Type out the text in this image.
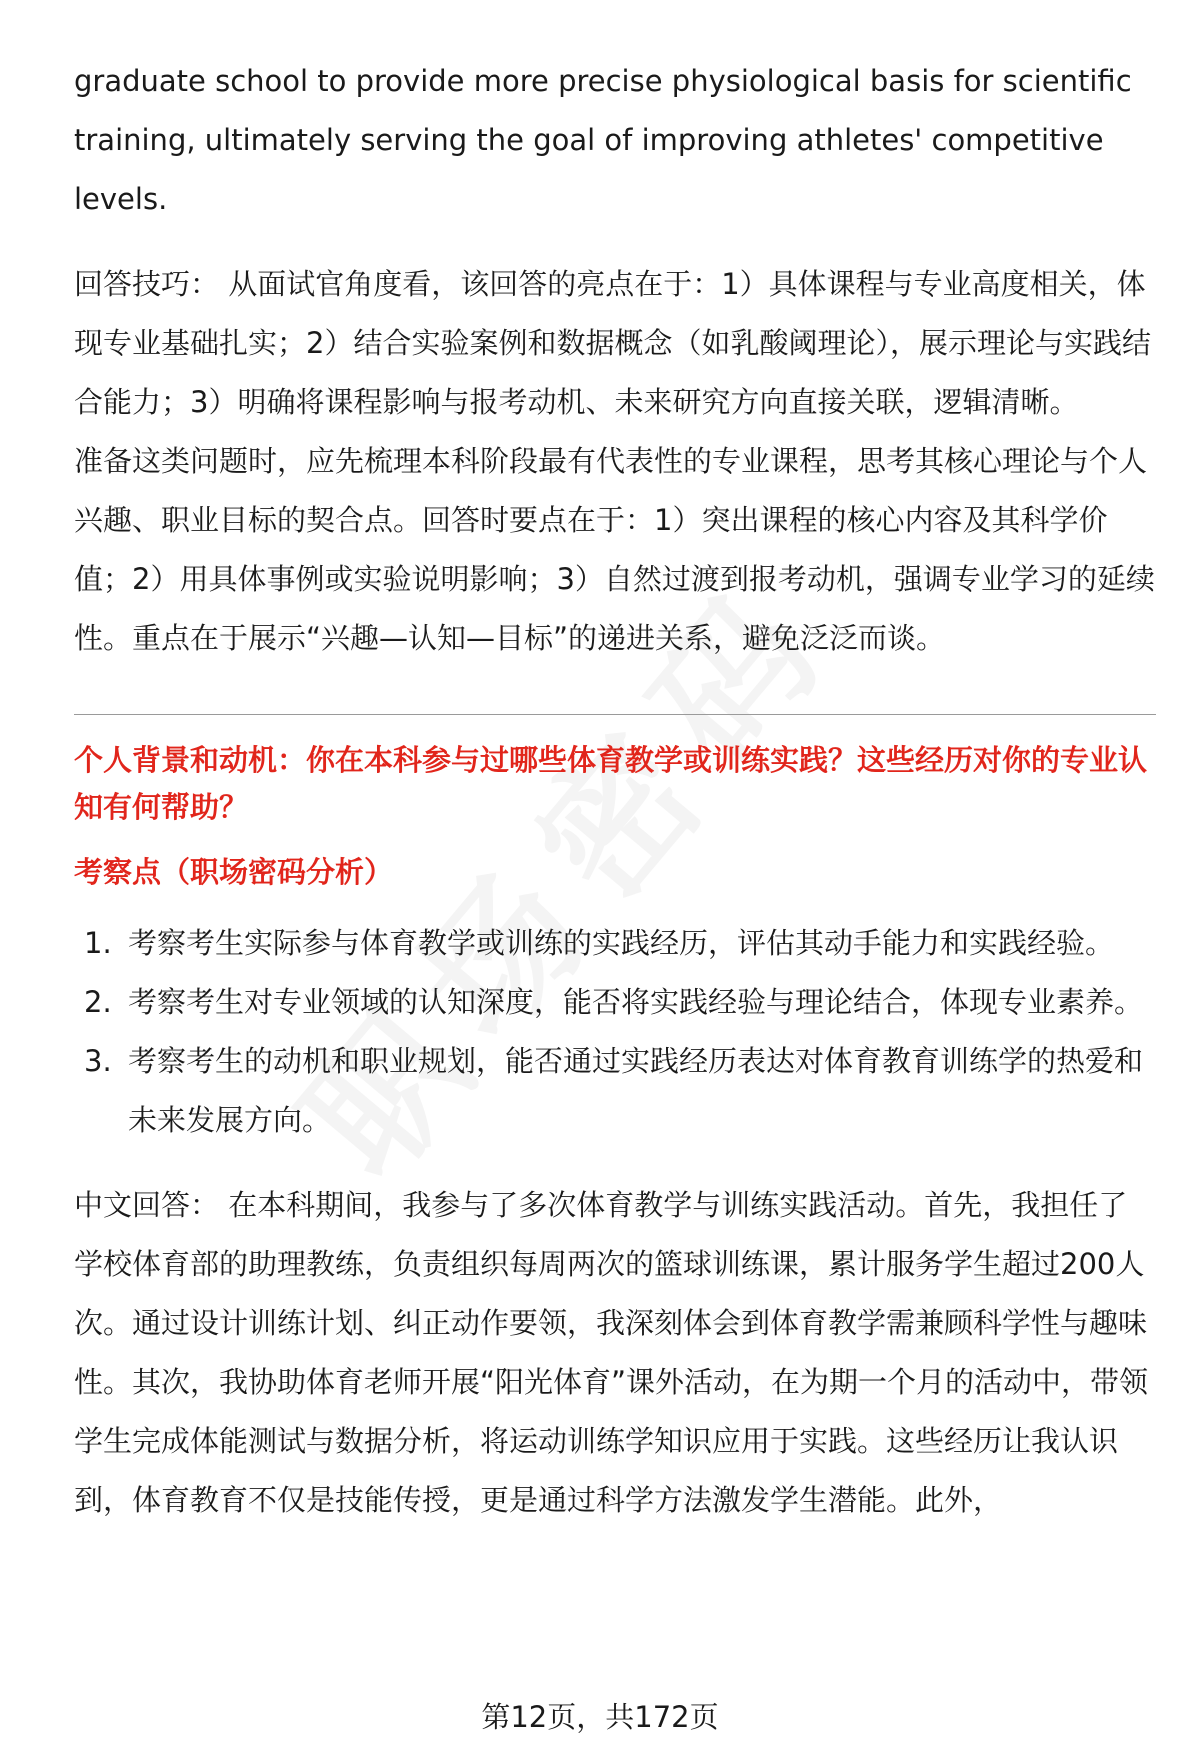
graduate school to provide more precise physiological basis for scientific training, ultimately serving the goal of improving athletes' competitive levels.

回答技巧： 从面试官角度看，该回答的亮点在于：1）具体课程与专业高度相关，体现专业基础扎实；2）结合实验案例和数据概念（如乳酸阈理论），展示理论与实践结合能力；3）明确将课程影响与报考动机、未来研究方向直接关联，逻辑清晰。

准备这类问题时，应先梳理本科阶段最有代表性的专业课程，思考其核心理论与个人兴趣、职业目标的契合点。回答时要点在于：1）突出课程的核心内容及其科学价值；2）用具体事例或实验说明影响；3）自然过渡到报考动机，强调专业学习的延续性。重点在于展示“兴趣—认知—目标”的递进关系，避免泛泛而谈。

个人背景和动机：你在本科参与过哪些体育教学或训练实践？这些经历对你的专业认知有何帮助？

考察点（职场密码分析）

1. 考察考生实际参与体育教学或训练的实践经历，评估其动手能力和实践经验。
2. 考察考生对专业领域的认知深度，能否将实践经验与理论结合，体现专业素养。
3. 考察考生的动机和职业规划，能否通过实践经历表达对体育教育训练学的热爱和未来发展方向。

中文回答： 在本科期间，我参与了多次体育教学与训练实践活动。首先，我担任了学校体育部的助理教练，负责组织每周两次的篮球训练课，累计服务学生超过200人次。通过设计训练计划、纠正动作要领，我深刻体会到体育教学需兼顾科学性与趣味性。其次，我协助体育老师开展“阳光体育”课外活动，在为期一个月的活动中，带领学生完成体能测试与数据分析，将运动训练学知识应用于实践。这些经历让我认识到，体育教育不仅是技能传授，更是通过科学方法激发学生潜能。此外，

第12页，共172页
